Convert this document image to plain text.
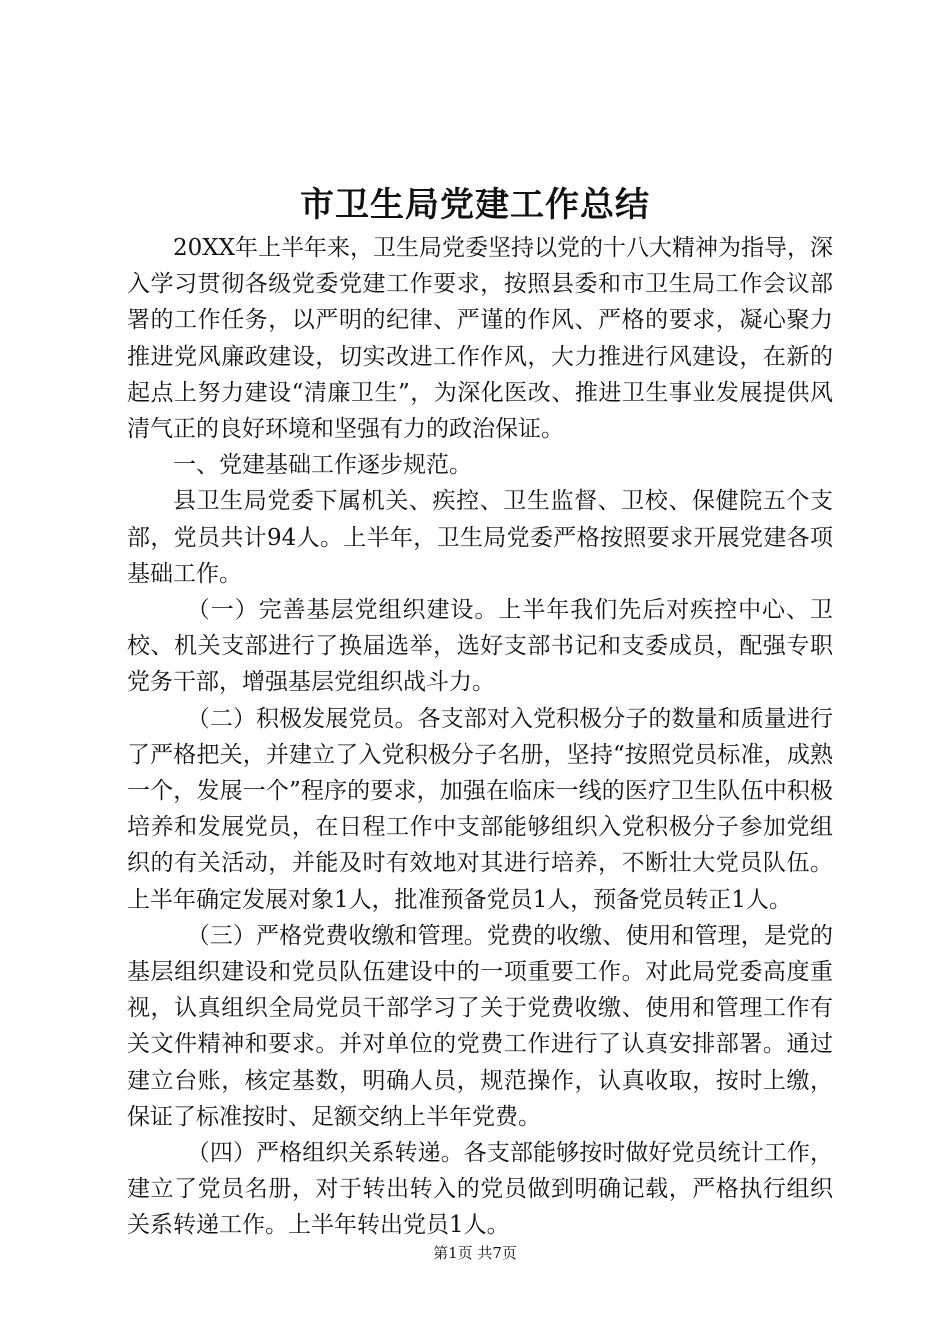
市卫生局党建工作总结

20XX年上半年来，卫生局党委坚持以党的十八大精神为指导，深入学习贯彻各级党委党建工作要求，按照县委和市卫生局工作会议部署的工作任务，以严明的纪律、严谨的作风、严格的要求，凝心聚力推进党风廉政建设，切实改进工作作风，大力推进行风建设，在新的起点上努力建设“清廉卫生”，为深化医改、推进卫生事业发展提供风清气正的良好环境和坚强有力的政治保证。

一、党建基础工作逐步规范。

县卫生局党委下属机关、疾控、卫生监督、卫校、保健院五个支部，党员共计94人。上半年，卫生局党委严格按照要求开展党建各项基础工作。

（一）完善基层党组织建设。上半年我们先后对疾控中心、卫校、机关支部进行了换届选举，选好支部书记和支委成员，配强专职党务干部，增强基层党组织战斗力。

（二）积极发展党员。各支部对入党积极分子的数量和质量进行了严格把关，并建立了入党积极分子名册，坚持“按照党员标准，成熟一个，发展一个”程序的要求，加强在临床一线的医疗卫生队伍中积极培养和发展党员，在日程工作中支部能够组织入党积极分子参加党组织的有关活动，并能及时有效地对其进行培养，不断壮大党员队伍。上半年确定发展对象1人，批准预备党员1人，预备党员转正1人。

（三）严格党费收缴和管理。党费的收缴、使用和管理，是党的基层组织建设和党员队伍建设中的一项重要工作。对此局党委高度重视，认真组织全局党员干部学习了关于党费收缴、使用和管理工作有关文件精神和要求。并对单位的党费工作进行了认真安排部署。通过建立台账，核定基数，明确人员，规范操作，认真收取，按时上缴，保证了标准按时、足额交纳上半年党费。

（四）严格组织关系转递。各支部能够按时做好党员统计工作，建立了党员名册，对于转出转入的党员做到明确记载，严格执行组织关系转递工作。上半年转出党员1人。

第1页 共7页
